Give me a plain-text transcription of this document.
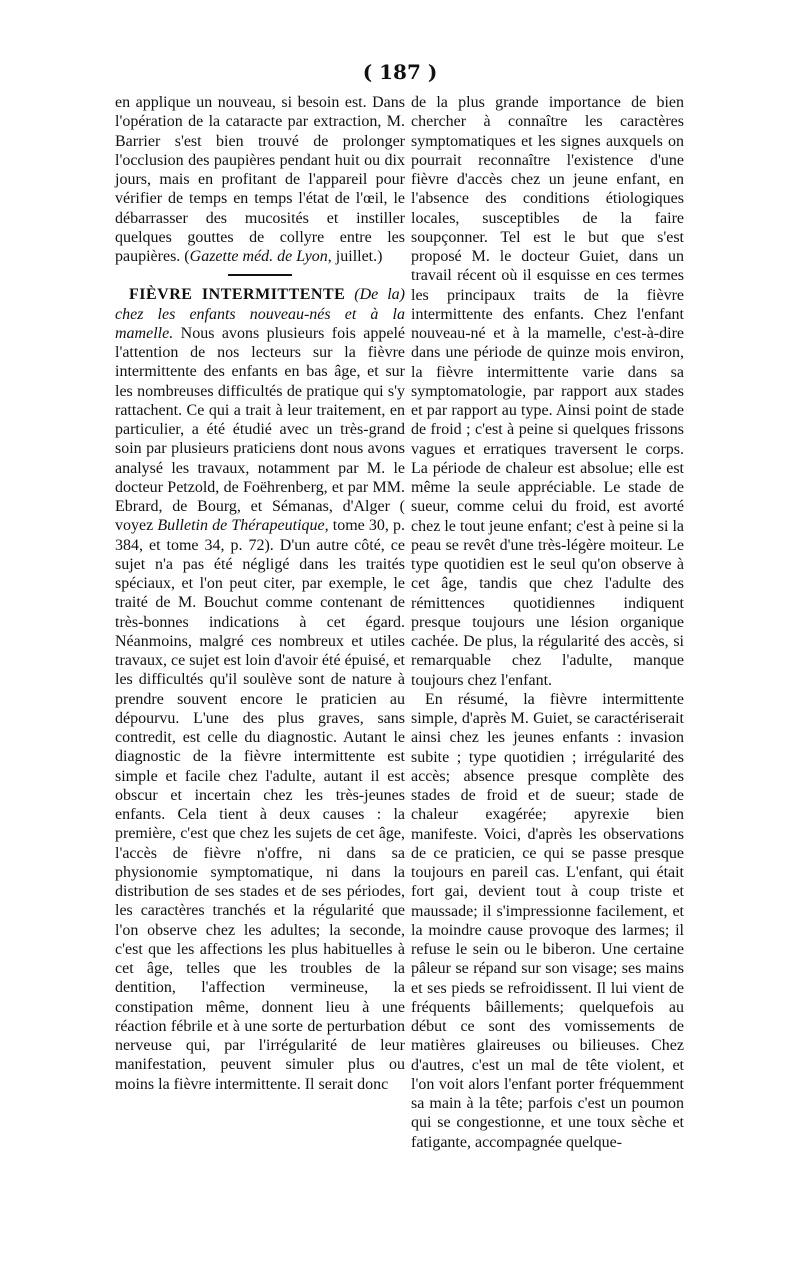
( 187 )

en applique un nouveau, si besoin est. Dans l'opération de la cataracte par extraction, M. Barrier s'est bien trouvé de prolonger l'occlusion des paupières pendant huit ou dix jours, mais en profitant de l'appareil pour vérifier de temps en temps l'état de l'œil, le débarrasser des mucosités et instiller quelques gouttes de collyre entre les paupières. (Gazette méd. de Lyon, juillet.)

FIÈVRE INTERMITTENTE (De la) chez les enfants nouveau-nés et à la mamelle. Nous avons plusieurs fois appelé l'attention de nos lecteurs sur la fièvre intermittente des enfants en bas âge, et sur les nombreuses difficultés de pratique qui s'y rattachent. Ce qui a trait à leur traitement, en particulier, a été étudié avec un très-grand soin par plusieurs praticiens dont nous avons analysé les travaux, notamment par M. le docteur Petzold, de Foëhrenberg, et par MM. Ebrard, de Bourg, et Sémanas, d'Alger ( voyez Bulletin de Thérapeutique, tome 30, p. 384, et tome 34, p. 72). D'un autre côté, ce sujet n'a pas été négligé dans les traités spéciaux, et l'on peut citer, par exemple, le traité de M. Bouchut comme contenant de très-bonnes indications à cet égard. Néanmoins, malgré ces nombreux et utiles travaux, ce sujet est loin d'avoir été épuisé, et les difficultés qu'il soulève sont de nature à prendre souvent encore le praticien au dépourvu. L'une des plus graves, sans contredit, est celle du diagnostic. Autant le diagnostic de la fièvre intermittente est simple et facile chez l'adulte, autant il est obscur et incertain chez les très-jeunes enfants. Cela tient à deux causes : la première, c'est que chez les sujets de cet âge, l'accès de fièvre n'offre, ni dans sa physionomie symptomatique, ni dans la distribution de ses stades et de ses périodes, les caractères tranchés et la régularité que l'on observe chez les adultes; la seconde, c'est que les affections les plus habituelles à cet âge, telles que les troubles de la dentition, l'affection vermineuse, la constipation même, donnent lieu à une réaction fébrile et à une sorte de perturbation nerveuse qui, par l'irrégularité de leur manifestation, peuvent simuler plus ou moins la fièvre intermittente. Il serait donc

de la plus grande importance de bien chercher à connaître les caractères symptomatiques et les signes auxquels on pourrait reconnaître l'existence d'une fièvre d'accès chez un jeune enfant, en l'absence des conditions étiologiques locales, susceptibles de la faire soupçonner. Tel est le but que s'est proposé M. le docteur Guiet, dans un travail récent où il esquisse en ces termes les principaux traits de la fièvre intermittente des enfants. Chez l'enfant nouveau-né et à la mamelle, c'est-à-dire dans une période de quinze mois environ, la fièvre intermittente varie dans sa symptomatologie, par rapport aux stades et par rapport au type. Ainsi point de stade de froid ; c'est à peine si quelques frissons vagues et erratiques traversent le corps. La période de chaleur est absolue; elle est même la seule appréciable. Le stade de sueur, comme celui du froid, est avorté chez le tout jeune enfant; c'est à peine si la peau se revêt d'une très-légère moiteur. Le type quotidien est le seul qu'on observe à cet âge, tandis que chez l'adulte des rémittences quotidiennes indiquent presque toujours une lésion organique cachée. De plus, la régularité des accès, si remarquable chez l'adulte, manque toujours chez l'enfant.

En résumé, la fièvre intermittente simple, d'après M. Guiet, se caractériserait ainsi chez les jeunes enfants : invasion subite ; type quotidien ; irrégularité des accès; absence presque complète des stades de froid et de sueur; stade de chaleur exagérée; apyrexie bien manifeste. Voici, d'après les observations de ce praticien, ce qui se passe presque toujours en pareil cas. L'enfant, qui était fort gai, devient tout à coup triste et maussade; il s'impressionne facilement, et la moindre cause provoque des larmes; il refuse le sein ou le biberon. Une certaine pâleur se répand sur son visage; ses mains et ses pieds se refroidissent. Il lui vient de fréquents bâillements; quelquefois au début ce sont des vomissements de matières glaireuses ou bilieuses. Chez d'autres, c'est un mal de tête violent, et l'on voit alors l'enfant porter fréquemment sa main à la tête; parfois c'est un poumon qui se congestionne, et une toux sèche et fatigante, accompagnée quelque-
